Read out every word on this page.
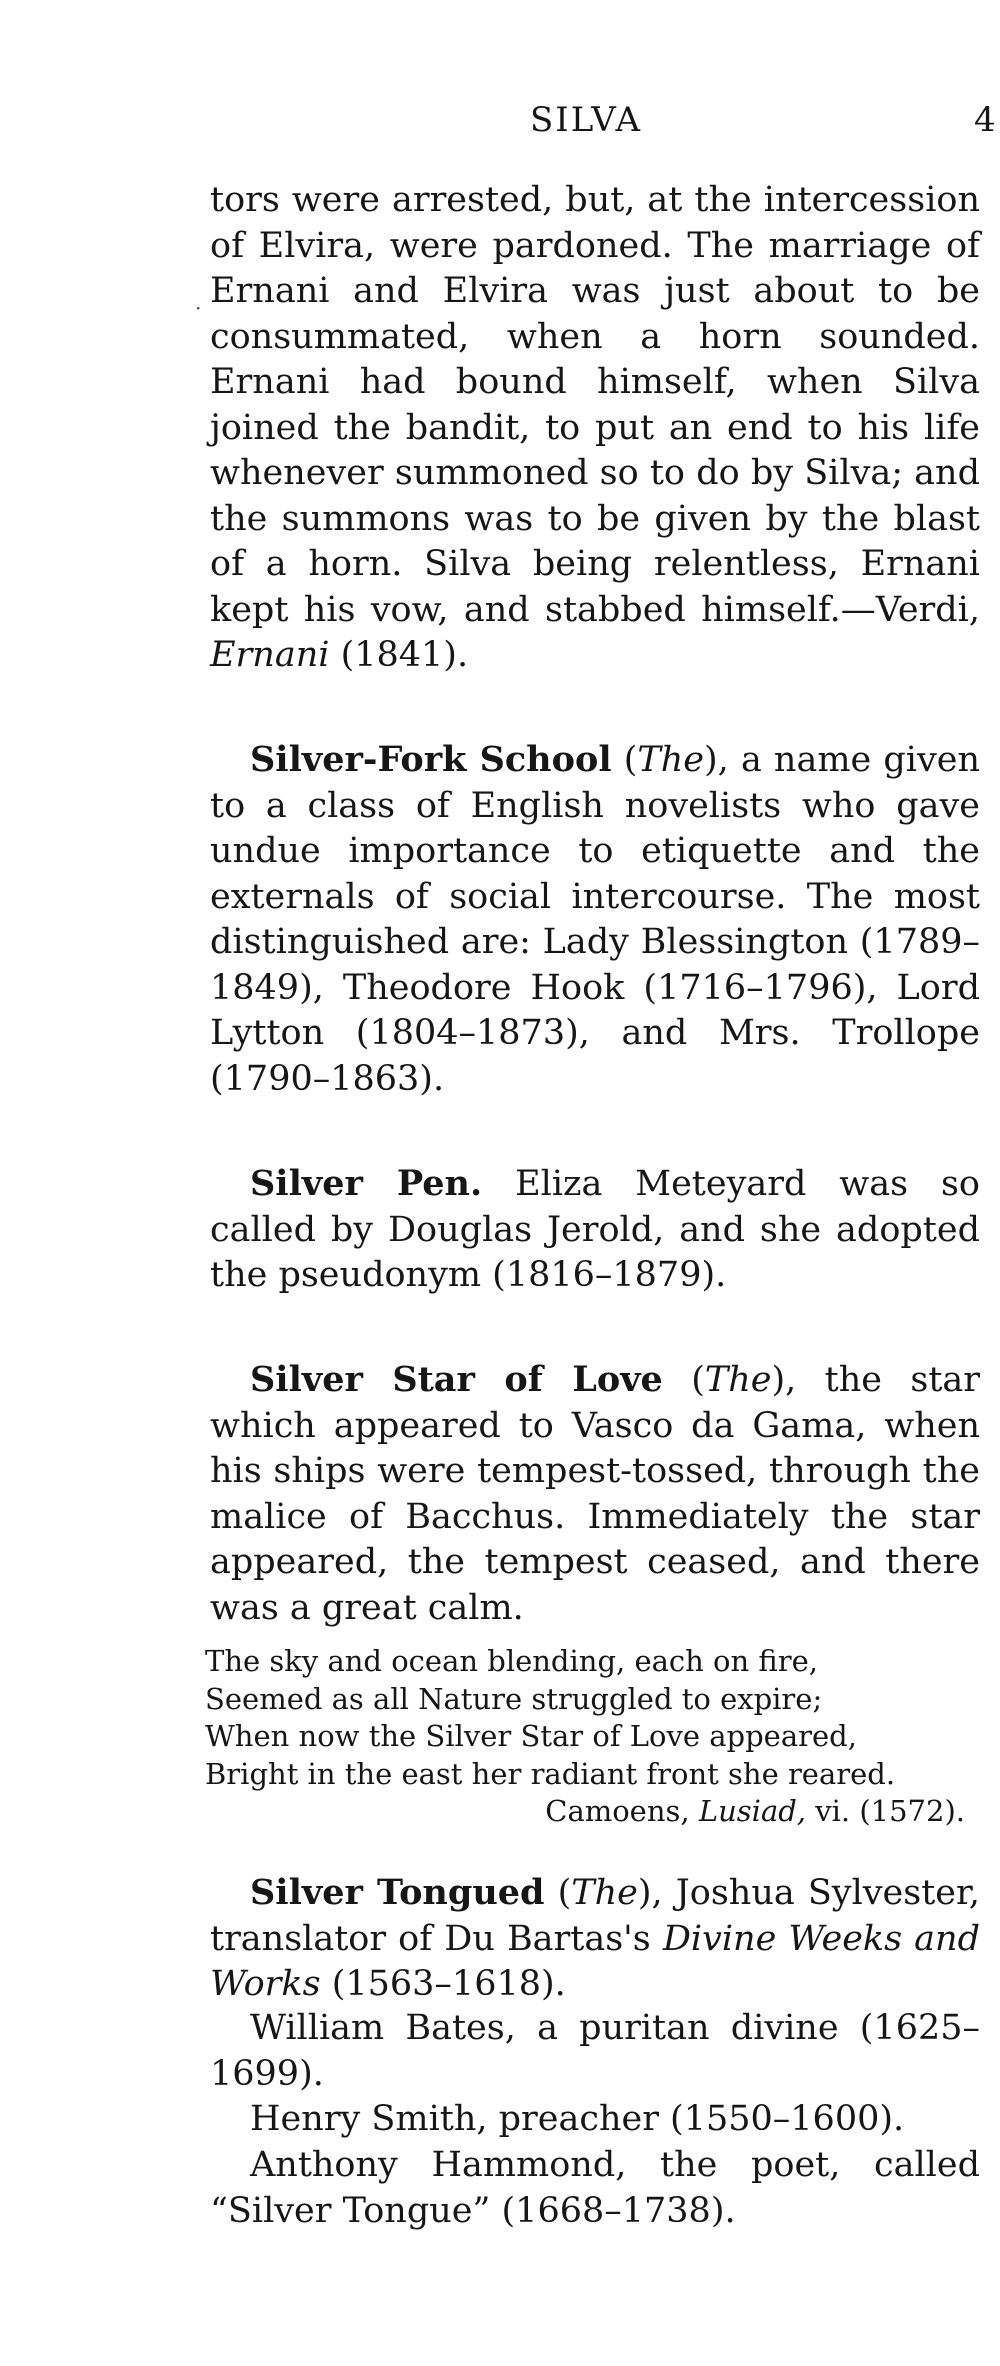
SILVA	4
·

tors were arrested, but, at the intercession of Elvira, were pardoned. The marriage of Ernani and Elvira was just about to be consummated, when a horn sounded. Ernani had bound himself, when Silva joined the bandit, to put an end to his life whenever summoned so to do by Silva; and the summons was to be given by the blast of a horn. Silva being relentless, Ernani kept his vow, and stabbed himself.—Verdi, Ernani (1841).

Silver-Fork School (The), a name given to a class of English novelists who gave undue importance to etiquette and the externals of social intercourse. The most distinguished are: Lady Blessington (1789–1849), Theodore Hook (1716–1796), Lord Lytton (1804–1873), and Mrs. Trollope (1790–1863).

Silver Pen. Eliza Meteyard was so called by Douglas Jerold, and she adopted the pseudonym (1816–1879).

Silver Star of Love (The), the star which appeared to Vasco da Gama, when his ships were tempest-tossed, through the malice of Bacchus. Immediately the star appeared, the tempest ceased, and there was a great calm.

The sky and ocean blending, each on fire,
Seemed as all Nature struggled to expire;
When now the Silver Star of Love appeared,
Bright in the east her radiant front she reared.
Camoens, Lusiad, vi. (1572).

Silver Tongued (The), Joshua Sylvester, translator of Du Bartas's Divine Weeks and Works (1563–1618).

William Bates, a puritan divine (1625–1699).

Henry Smith, preacher (1550–1600).

Anthony Hammond, the poet, called “Silver Tongue” (1668–1738).
